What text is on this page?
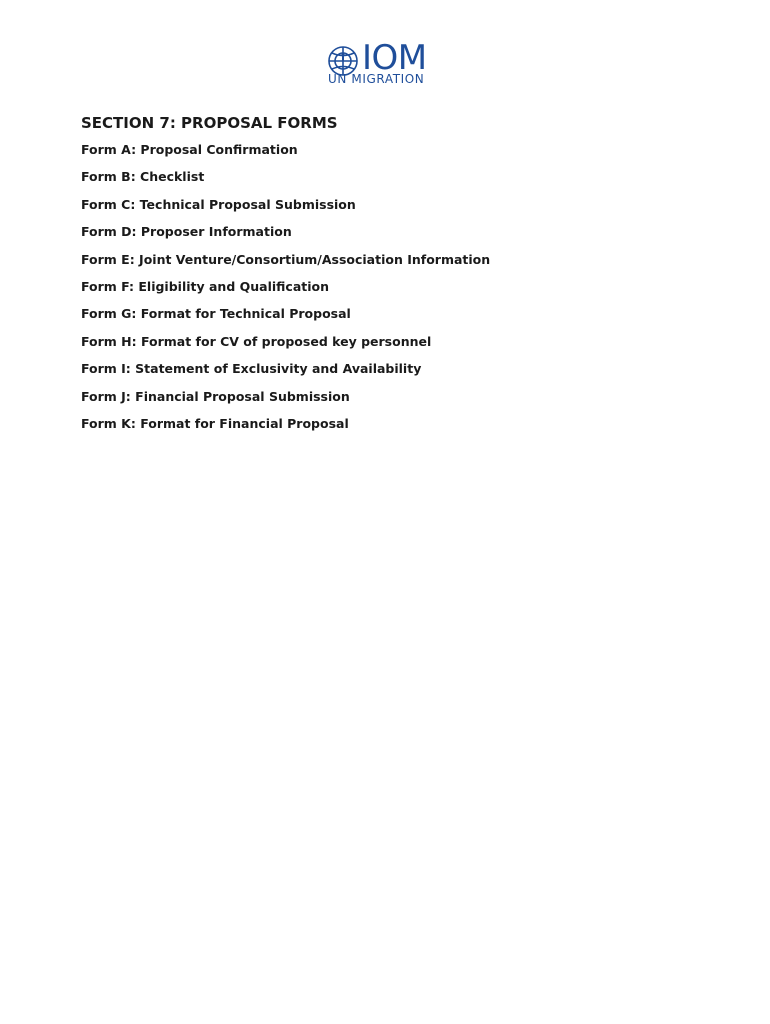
IOM
UN MIGRATION
SECTION 7: PROPOSAL FORMS
Form A: Proposal Confirmation
Form B: Checklist
Form C: Technical Proposal Submission
Form D: Proposer Information
Form E: Joint Venture/Consortium/Association Information
Form F: Eligibility and Qualification
Form G: Format for Technical Proposal
Form H: Format for CV of proposed key personnel
Form I: Statement of Exclusivity and Availability
Form J: Financial Proposal Submission
Form K: Format for Financial Proposal
